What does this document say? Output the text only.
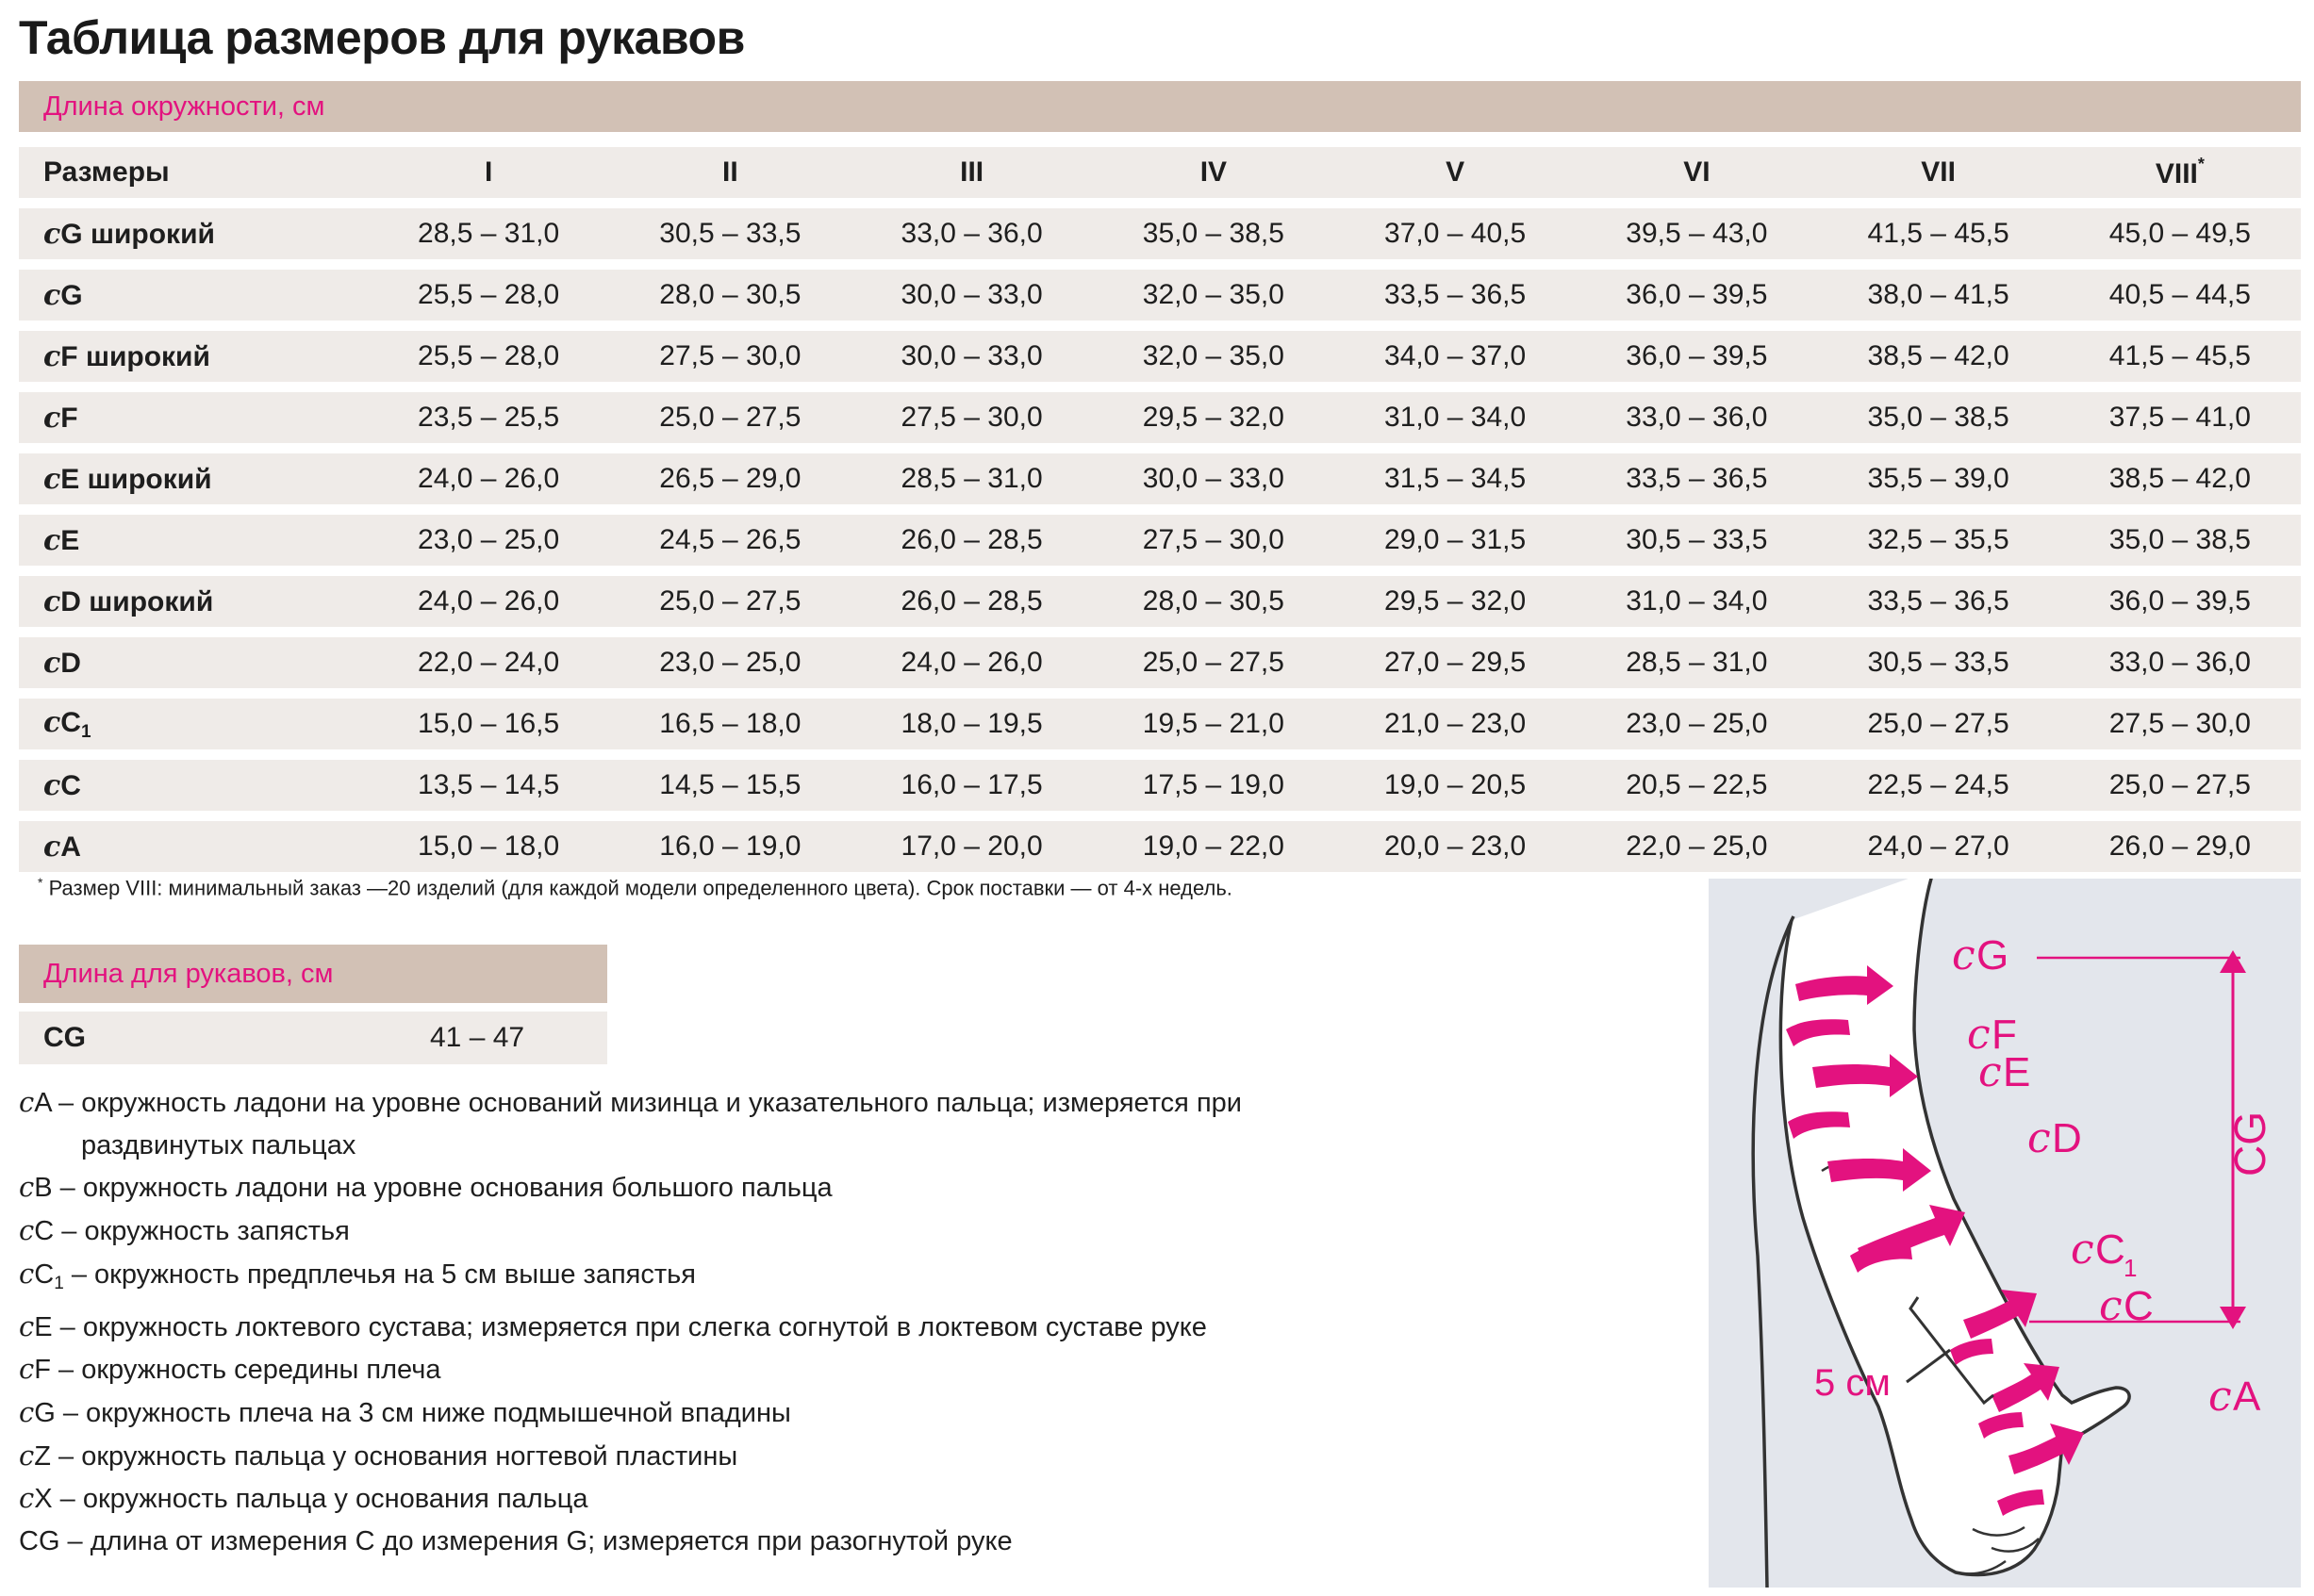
Таблица размеров для рукавов
Длина окружности, см
Размеры	I	II	III	IV	V	VI	VII	VIII*
cG широкий	28,5 – 31,0	30,5 – 33,5	33,0 – 36,0	35,0 – 38,5	37,0 – 40,5	39,5 – 43,0	41,5 – 45,5	45,0 – 49,5
cG	25,5 – 28,0	28,0 – 30,5	30,0 – 33,0	32,0 – 35,0	33,5 – 36,5	36,0 – 39,5	38,0 – 41,5	40,5 – 44,5
cF широкий	25,5 – 28,0	27,5 – 30,0	30,0 – 33,0	32,0 – 35,0	34,0 – 37,0	36,0 – 39,5	38,5 – 42,0	41,5 – 45,5
cF	23,5 – 25,5	25,0 – 27,5	27,5 – 30,0	29,5 – 32,0	31,0 – 34,0	33,0 – 36,0	35,0 – 38,5	37,5 – 41,0
cE широкий	24,0 – 26,0	26,5 – 29,0	28,5 – 31,0	30,0 – 33,0	31,5 – 34,5	33,5 – 36,5	35,5 – 39,0	38,5 – 42,0
cE	23,0 – 25,0	24,5 – 26,5	26,0 – 28,5	27,5 – 30,0	29,0 – 31,5	30,5 – 33,5	32,5 – 35,5	35,0 – 38,5
cD широкий	24,0 – 26,0	25,0 – 27,5	26,0 – 28,5	28,0 – 30,5	29,5 – 32,0	31,0 – 34,0	33,5 – 36,5	36,0 – 39,5
cD	22,0 – 24,0	23,0 – 25,0	24,0 – 26,0	25,0 – 27,5	27,0 – 29,5	28,5 – 31,0	30,5 – 33,5	33,0 – 36,0
$cC_1$	15,0 – 16,5	16,5 – 18,0	18,0 – 19,5	19,5 – 21,0	21,0 – 23,0	23,0 – 25,0	25,0 – 27,5	27,5 – 30,0
cC	13,5 – 14,5	14,5 – 15,5	16,0 – 17,5	17,5 – 19,0	19,0 – 20,5	20,5 – 22,5	22,5 – 24,5	25,0 – 27,5
cA	15,0 – 18,0	16,0 – 19,0	17,0 – 20,0	19,0 – 22,0	20,0 – 23,0	22,0 – 25,0	24,0 – 27,0	26,0 – 29,0
* Размер VIII: минимальный заказ —20 изделий (для каждой модели определенного цвета). Срок поставки — от 4-х недель.
Длина для рукавов, см
CG	41 – 47
cA – окружность ладони на уровне оснований мизинца и указательного пальца; измеряется при
раздвинутых пальцах
cB – окружность ладони на уровне основания большого пальца
cC – окружность запястья
$cC_1$ – окружность предплечья на 5 см выше запястья
cE – окружность локтевого сустава; измеряется при слегка согнутой в локтевом суставе руке
cF – окружность середины плеча
cG – окружность плеча на 3 см ниже подмышечной впадины
cZ – окружность пальца у основания ногтевой пластины
cX – окружность пальца у основания пальца
CG – длина от измерения C до измерения G; измеряется при разогнутой руке
c G
c F
c E
c D
c C
1
c C
c A
CG
5 см
